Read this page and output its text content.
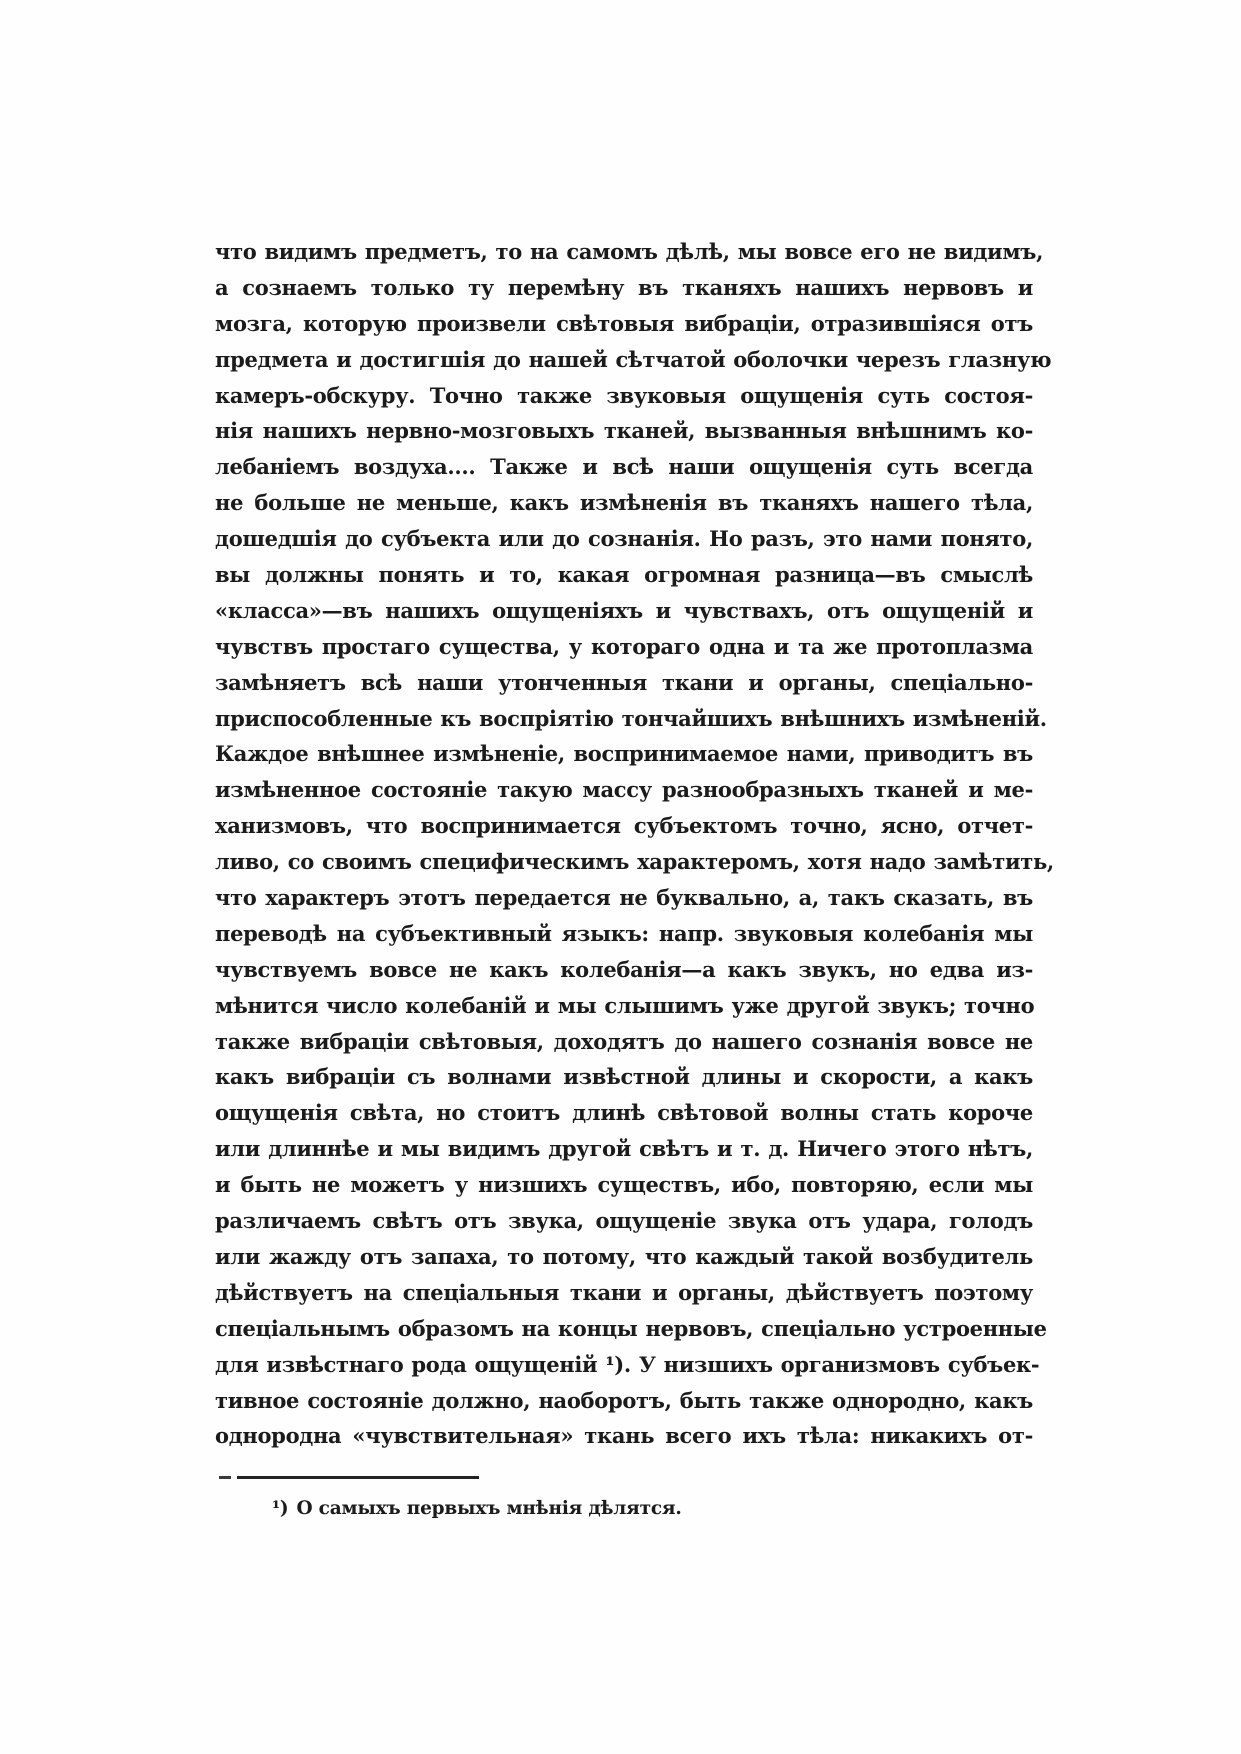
что видимъ предметъ, то на самомъ дѣлѣ, мы вовсе его не видимъ,
а сознаемъ только ту перемѣну въ тканяхъ нашихъ нервовъ и
мозга, которую произвели свѣтовыя вибраціи, отразившіяся отъ
предмета и достигшія до нашей сѣтчатой оболочки черезъ глазную
камеръ-обскуру. Точно также звуковыя ощущенія суть состоя-
нія нашихъ нервно-мозговыхъ тканей, вызванныя внѣшнимъ ко-
лебаніемъ воздуха.... Также и всѣ наши ощущенія суть всегда
не больше не меньше, какъ измѣненія въ тканяхъ нашего тѣла,
дошедшія до субъекта или до сознанія. Но разъ, это нами понято,
вы должны понять и то, какая огромная разница—въ смыслѣ
«класса»—въ нашихъ ощущеніяхъ и чувствахъ, отъ ощущеній и
чувствъ простаго существа, у котораго одна и та же протоплазма
замѣняетъ всѣ наши утонченныя ткани и органы, спеціально-
приспособленные къ воспріятію тончайшихъ внѣшнихъ измѣненій.
Каждое внѣшнее измѣненіе, воспринимаемое нами, приводитъ въ
измѣненное состояніе такую массу разнообразныхъ тканей и ме-
ханизмовъ, что воспринимается субъектомъ точно, ясно, отчет-
ливо, со своимъ специфическимъ характеромъ, хотя надо замѣтить,
что характеръ этотъ передается не буквально, а, такъ сказать, въ
переводѣ на субъективный языкъ: напр. звуковыя колебанія мы
чувствуемъ вовсе не какъ колебанія—а какъ звукъ, но едва из-
мѣнится число колебаній и мы слышимъ уже другой звукъ; точно
также вибраціи свѣтовыя, доходятъ до нашего сознанія вовсе не
какъ вибраціи съ волнами извѣстной длины и скорости, а какъ
ощущенія свѣта, но стоитъ длинѣ свѣтовой волны стать короче
или длиннѣе и мы видимъ другой свѣтъ и т. д. Ничего этого нѣтъ,
и быть не можетъ у низшихъ существъ, ибо, повторяю, если мы
различаемъ свѣтъ отъ звука, ощущеніе звука отъ удара, голодъ
или жажду отъ запаха, то потому, что каждый такой возбудитель
дѣйствуетъ на спеціальныя ткани и органы, дѣйствуетъ поэтому
спеціальнымъ образомъ на концы нервовъ, спеціально устроенные
для извѣстнаго рода ощущеній ¹). У низшихъ организмовъ субъек-
тивное состояніе должно, наоборотъ, быть также однородно, какъ
однородна «чувствительная» ткань всего ихъ тѣла: никакихъ от-
¹) О самыхъ первыхъ мнѣнія дѣлятся.
